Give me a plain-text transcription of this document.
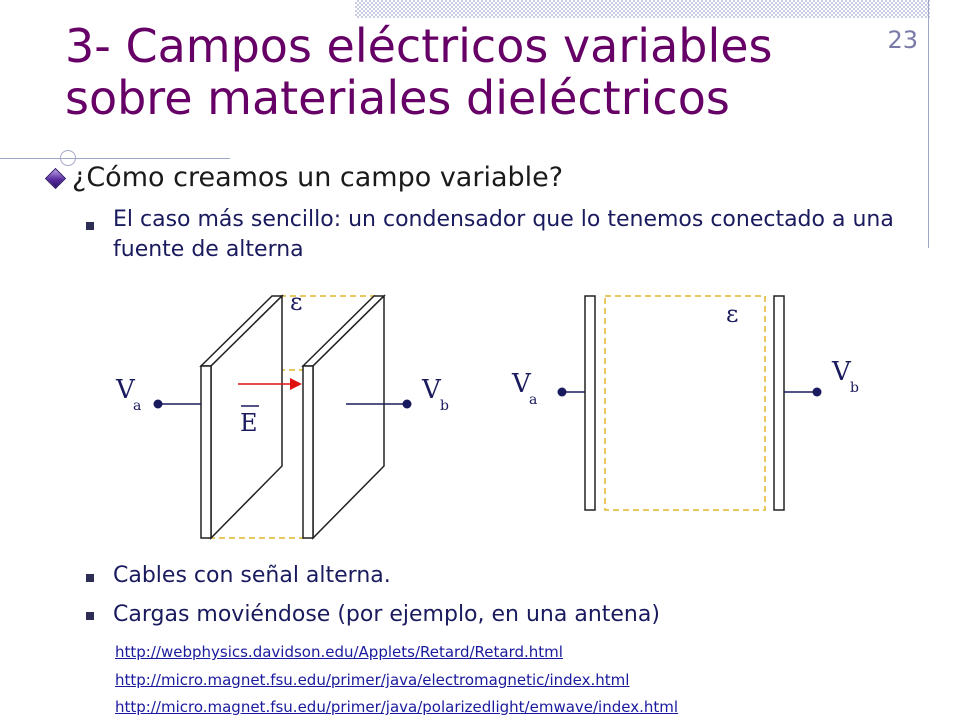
23
3- Campos eléctricos variables
sobre materiales dieléctricos
¿Cómo creamos un campo variable?
El caso más sencillo: un condensador que lo tenemos conectado a una fuente de alterna
ε
V
a
V
b
E
ε
V
a
V
b
Cables con señal alterna.
Cargas moviéndose (por ejemplo, en una antena)
http://webphysics.davidson.edu/Applets/Retard/Retard.html
http://micro.magnet.fsu.edu/primer/java/electromagnetic/index.html
http://micro.magnet.fsu.edu/primer/java/polarizedlight/emwave/index.html
